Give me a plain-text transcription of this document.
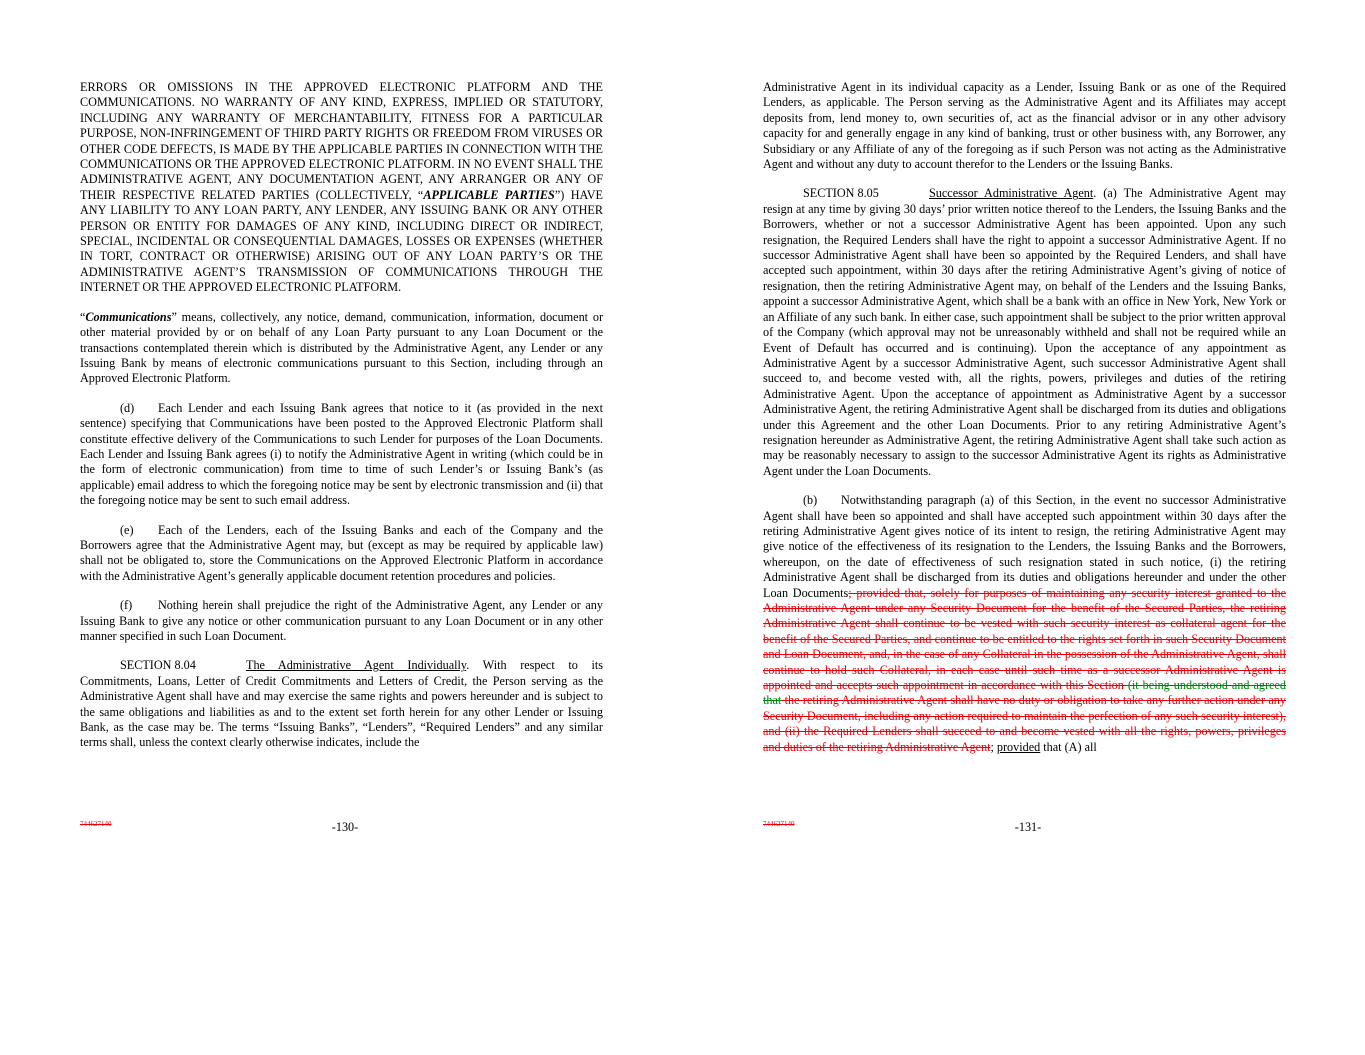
ERRORS OR OMISSIONS IN THE APPROVED ELECTRONIC PLATFORM AND THE COMMUNICATIONS. NO WARRANTY OF ANY KIND, EXPRESS, IMPLIED OR STATUTORY, INCLUDING ANY WARRANTY OF MERCHANTABILITY, FITNESS FOR A PARTICULAR PURPOSE, NON-INFRINGEMENT OF THIRD PARTY RIGHTS OR FREEDOM FROM VIRUSES OR OTHER CODE DEFECTS, IS MADE BY THE APPLICABLE PARTIES IN CONNECTION WITH THE COMMUNICATIONS OR THE APPROVED ELECTRONIC PLATFORM. IN NO EVENT SHALL THE ADMINISTRATIVE AGENT, ANY DOCUMENTATION AGENT, ANY ARRANGER OR ANY OF THEIR RESPECTIVE RELATED PARTIES (COLLECTIVELY, “APPLICABLE PARTIES”) HAVE ANY LIABILITY TO ANY LOAN PARTY, ANY LENDER, ANY ISSUING BANK OR ANY OTHER PERSON OR ENTITY FOR DAMAGES OF ANY KIND, INCLUDING DIRECT OR INDIRECT, SPECIAL, INCIDENTAL OR CONSEQUENTIAL DAMAGES, LOSSES OR EXPENSES (WHETHER IN TORT, CONTRACT OR OTHERWISE) ARISING OUT OF ANY LOAN PARTY’S OR THE ADMINISTRATIVE AGENT’S TRANSMISSION OF COMMUNICATIONS THROUGH THE INTERNET OR THE APPROVED ELECTRONIC PLATFORM.

“Communications” means, collectively, any notice, demand, communication, information, document or other material provided by or on behalf of any Loan Party pursuant to any Loan Document or the transactions contemplated therein which is distributed by the Administrative Agent, any Lender or any Issuing Bank by means of electronic communications pursuant to this Section, including through an Approved Electronic Platform.

(d) Each Lender and each Issuing Bank agrees that notice to it (as provided in the next sentence) specifying that Communications have been posted to the Approved Electronic Platform shall constitute effective delivery of the Communications to such Lender for purposes of the Loan Documents. Each Lender and Issuing Bank agrees (i) to notify the Administrative Agent in writing (which could be in the form of electronic communication) from time to time of such Lender’s or Issuing Bank’s (as applicable) email address to which the foregoing notice may be sent by electronic transmission and (ii) that the foregoing notice may be sent to such email address.

(e) Each of the Lenders, each of the Issuing Banks and each of the Company and the Borrowers agree that the Administrative Agent may, but (except as may be required by applicable law) shall not be obligated to, store the Communications on the Approved Electronic Platform in accordance with the Administrative Agent’s generally applicable document retention procedures and policies.

(f) Nothing herein shall prejudice the right of the Administrative Agent, any Lender or any Issuing Bank to give any notice or other communication pursuant to any Loan Document or in any other manner specified in such Loan Document.

SECTION 8.04	The Administrative Agent Individually. With respect to its Commitments, Loans, Letter of Credit Commitments and Letters of Credit, the Person serving as the Administrative Agent shall have and may exercise the same rights and powers hereunder and is subject to the same obligations and liabilities as and to the extent set forth herein for any other Lender or Issuing Bank, as the case may be. The terms “Issuing Banks”, “Lenders”, “Required Lenders” and any similar terms shall, unless the context clearly otherwise indicates, include the

744627140	-130-

Administrative Agent in its individual capacity as a Lender, Issuing Bank or as one of the Required Lenders, as applicable. The Person serving as the Administrative Agent and its Affiliates may accept deposits from, lend money to, own securities of, act as the financial advisor or in any other advisory capacity for and generally engage in any kind of banking, trust or other business with, any Borrower, any Subsidiary or any Affiliate of any of the foregoing as if such Person was not acting as the Administrative Agent and without any duty to account therefor to the Lenders or the Issuing Banks.

SECTION 8.05	Successor Administrative Agent. (a) The Administrative Agent may resign at any time by giving 30 days’ prior written notice thereof to the Lenders, the Issuing Banks and the Borrowers, whether or not a successor Administrative Agent has been appointed. Upon any such resignation, the Required Lenders shall have the right to appoint a successor Administrative Agent. If no successor Administrative Agent shall have been so appointed by the Required Lenders, and shall have accepted such appointment, within 30 days after the retiring Administrative Agent’s giving of notice of resignation, then the retiring Administrative Agent may, on behalf of the Lenders and the Issuing Banks, appoint a successor Administrative Agent, which shall be a bank with an office in New York, New York or an Affiliate of any such bank. In either case, such appointment shall be subject to the prior written approval of the Company (which approval may not be unreasonably withheld and shall not be required while an Event of Default has occurred and is continuing). Upon the acceptance of any appointment as Administrative Agent by a successor Administrative Agent, such successor Administrative Agent shall succeed to, and become vested with, all the rights, powers, privileges and duties of the retiring Administrative Agent. Upon the acceptance of appointment as Administrative Agent by a successor Administrative Agent, the retiring Administrative Agent shall be discharged from its duties and obligations under this Agreement and the other Loan Documents. Prior to any retiring Administrative Agent’s resignation hereunder as Administrative Agent, the retiring Administrative Agent shall take such action as may be reasonably necessary to assign to the successor Administrative Agent its rights as Administrative Agent under the Loan Documents.

(b) Notwithstanding paragraph (a) of this Section, in the event no successor Administrative Agent shall have been so appointed and shall have accepted such appointment within 30 days after the retiring Administrative Agent gives notice of its intent to resign, the retiring Administrative Agent may give notice of the effectiveness of its resignation to the Lenders, the Issuing Banks and the Borrowers, whereupon, on the date of effectiveness of such resignation stated in such notice, (i) the retiring Administrative Agent shall be discharged from its duties and obligations hereunder and under the other Loan Documents; provided that, solely for purposes of maintaining any security interest granted to the Administrative Agent under any Security Document for the benefit of the Secured Parties, the retiring Administrative Agent shall continue to be vested with such security interest as collateral agent for the benefit of the Secured Parties, and continue to be entitled to the rights set forth in such Security Document and Loan Document, and, in the case of any Collateral in the possession of the Administrative Agent, shall continue to hold such Collateral, in each case until such time as a successor Administrative Agent is appointed and accepts such appointment in accordance with this Section (it being understood and agreed that the retiring Administrative Agent shall have no duty or obligation to take any further action under any Security Document, including any action required to maintain the perfection of any such security interest), and (ii) the Required Lenders shall succeed to and become vested with all the rights, powers, privileges and duties of the retiring Administrative Agent; provided that (A) all

744627140	-131-
